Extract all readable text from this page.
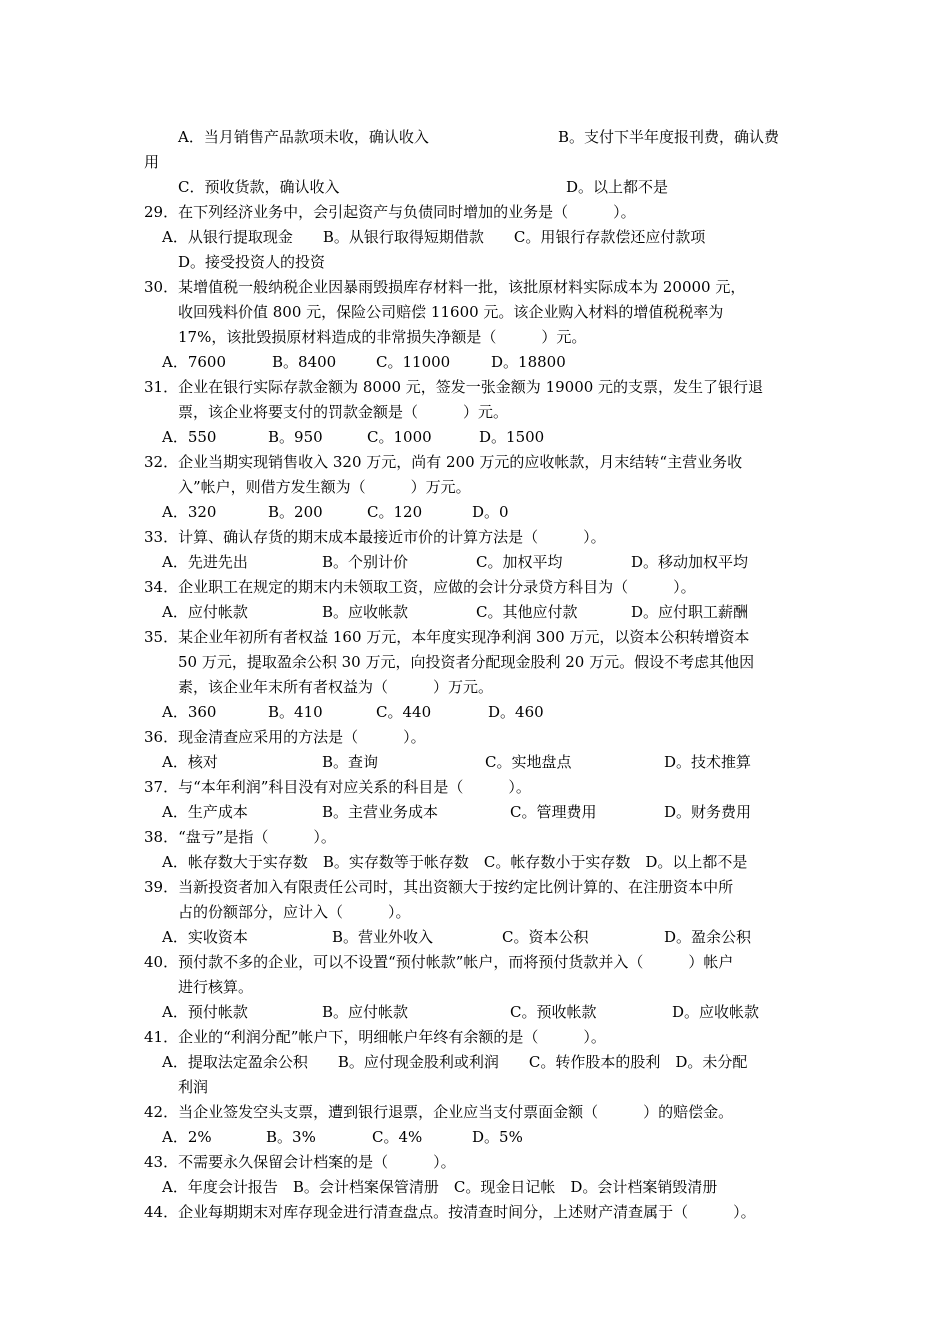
A．当月销售产品款项未收，确认收入	B。支付下半年度报刊费，确认费
用
C．预收货款，确认收入	D。以上都不是
29．在下列经济业务中，会引起资产与负债同时增加的业务是（　　　）。
A．从银行提取现金　　B。从银行取得短期借款　　C。用银行存款偿还应付款项
D。接受投资人的投资
30．某增值税一般纳税企业因暴雨毁损库存材料一批，该批原材料实际成本为 20000 元，
收回残料价值 800 元，保险公司赔偿 11600 元。该企业购入材料的增值税税率为
17%，该批毁损原材料造成的非常损失净额是（　　　）元。
A．7600	B。8400	C。11000	D。18800
31．企业在银行实际存款金额为 8000 元，签发一张金额为 19000 元的支票，发生了银行退
票，该企业将要支付的罚款金额是（　　　）元。
A．550	B。950	C。1000	D。1500
32．企业当期实现销售收入 320 万元，尚有 200 万元的应收帐款，月末结转“主营业务收
入”帐户，则借方发生额为（　　　）万元。
A．320	B。200	C。120	D。0
33．计算、确认存货的期末成本最接近市价的计算方法是（　　　）。
A．先进先出	B。个别计价	C。加权平均	D。移动加权平均
34．企业职工在规定的期末内未领取工资，应做的会计分录贷方科目为（　　　）。
A．应付帐款	B。应收帐款	C。其他应付款	D。应付职工薪酬
35．某企业年初所有者权益 160 万元，本年度实现净利润 300 万元，以资本公积转增资本
50 万元，提取盈余公积 30 万元，向投资者分配现金股利 20 万元。假设不考虑其他因
素，该企业年末所有者权益为（　　　）万元。
A．360	B。410	C。440	D。460
36．现金清查应采用的方法是（　　　）。
A．核对	B。查询	C。实地盘点	D。技术推算
37．与“本年利润”科目没有对应关系的科目是（　　　）。
A．生产成本	B。主营业务成本	C。管理费用	D。财务费用
38．“盘亏”是指（　　　）。
A．帐存数大于实存数　B。实存数等于帐存数　C。帐存数小于实存数　D。以上都不是
39．当新投资者加入有限责任公司时，其出资额大于按约定比例计算的、在注册资本中所
占的份额部分，应计入（　　　）。
A．实收资本	B。营业外收入	C。资本公积	D。盈余公积
40．预付款不多的企业，可以不设置“预付帐款”帐户，而将预付货款并入（　　　）帐户
进行核算。
A．预付帐款	B。应付帐款	C。预收帐款	D。应收帐款
41．企业的“利润分配”帐户下，明细帐户年终有余额的是（　　　）。
A．提取法定盈余公积　　B。应付现金股利或利润　　C。转作股本的股利　D。未分配
利润
42．当企业签发空头支票，遭到银行退票，企业应当支付票面金额（　　　）的赔偿金。
A．2%	B。3%	C。4%	D。5%
43．不需要永久保留会计档案的是（　　　）。
A．年度会计报告　B。会计档案保管清册　C。现金日记帐　D。会计档案销毁清册
44．企业每期期末对库存现金进行清查盘点。按清查时间分，上述财产清查属于（　　　）。
